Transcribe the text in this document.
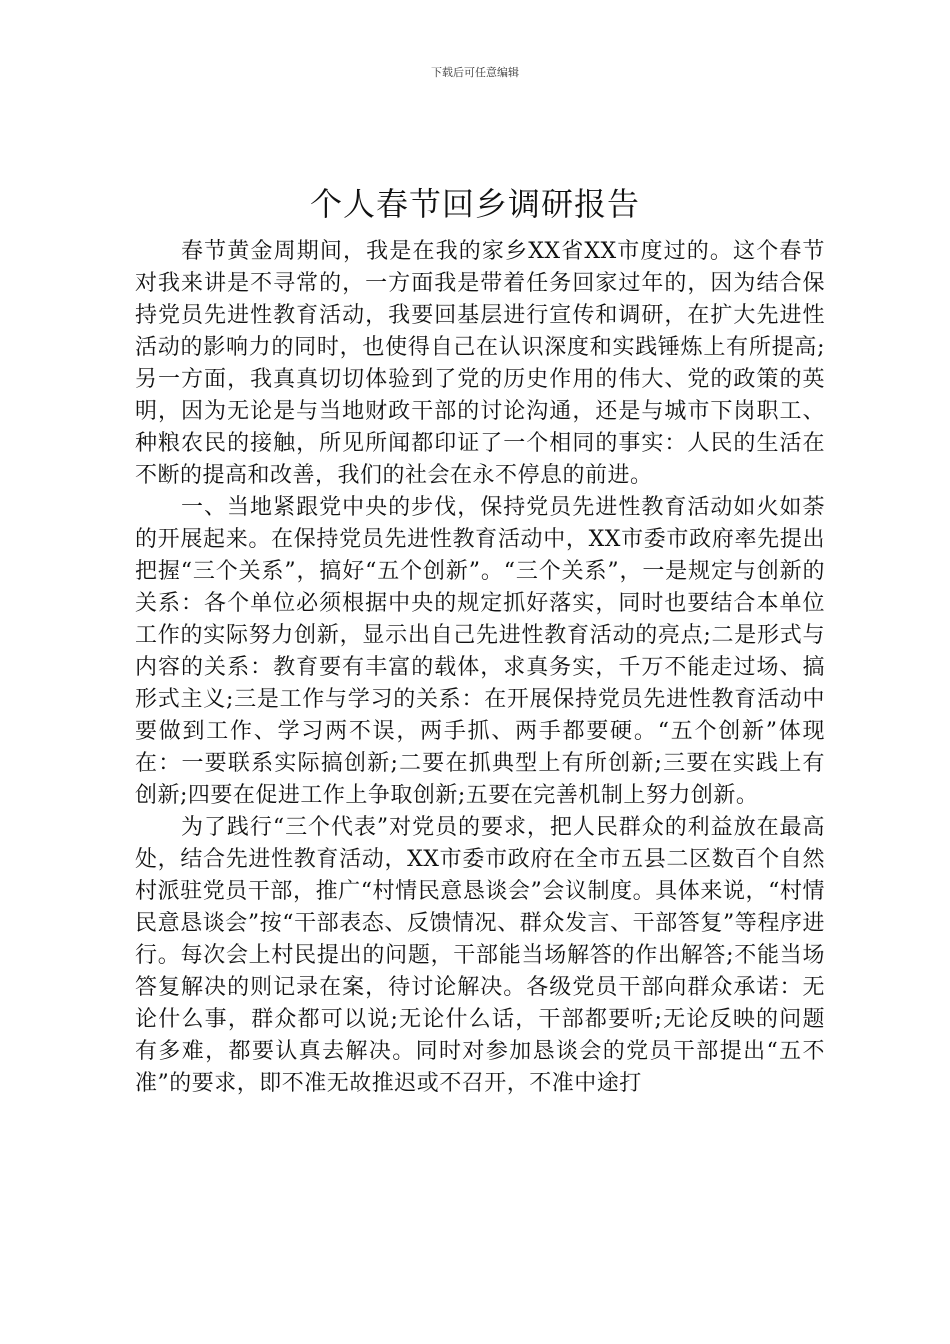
下载后可任意编辑
个人春节回乡调研报告

春节黄金周期间，我是在我的家乡XX省XX市度过的。这个春节对我来讲是不寻常的，一方面我是带着任务回家过年的，因为结合保持党员先进性教育活动，我要回基层进行宣传和调研，在扩大先进性活动的影响力的同时，也使得自己在认识深度和实践锤炼上有所提高;另一方面，我真真切切体验到了党的历史作用的伟大、党的政策的英明，因为无论是与当地财政干部的讨论沟通，还是与城市下岗职工、种粮农民的接触，所见所闻都印证了一个相同的事实：人民的生活在不断的提高和改善，我们的社会在永不停息的前进。

一、当地紧跟党中央的步伐，保持党员先进性教育活动如火如荼的开展起来。在保持党员先进性教育活动中，XX市委市政府率先提出把握“三个关系”，搞好“五个创新”。“三个关系”，一是规定与创新的关系：各个单位必须根据中央的规定抓好落实，同时也要结合本单位工作的实际努力创新，显示出自己先进性教育活动的亮点;二是形式与内容的关系：教育要有丰富的载体，求真务实，千万不能走过场、搞形式主义;三是工作与学习的关系：在开展保持党员先进性教育活动中要做到工作、学习两不误，两手抓、两手都要硬。“五个创新”体现在：一要联系实际搞创新;二要在抓典型上有所创新;三要在实践上有创新;四要在促进工作上争取创新;五要在完善机制上努力创新。

为了践行“三个代表”对党员的要求，把人民群众的利益放在最高处，结合先进性教育活动，XX市委市政府在全市五县二区数百个自然村派驻党员干部，推广“村情民意恳谈会”会议制度。具体来说，“村情民意恳谈会”按“干部表态、反馈情况、群众发言、干部答复”等程序进行。每次会上村民提出的问题，干部能当场解答的作出解答;不能当场答复解决的则记录在案，待讨论解决。各级党员干部向群众承诺：无论什么事，群众都可以说;无论什么话，干部都要听;无论反映的问题有多难，都要认真去解决。同时对参加恳谈会的党员干部提出“五不准”的要求，即不准无故推迟或不召开，不准中途打
